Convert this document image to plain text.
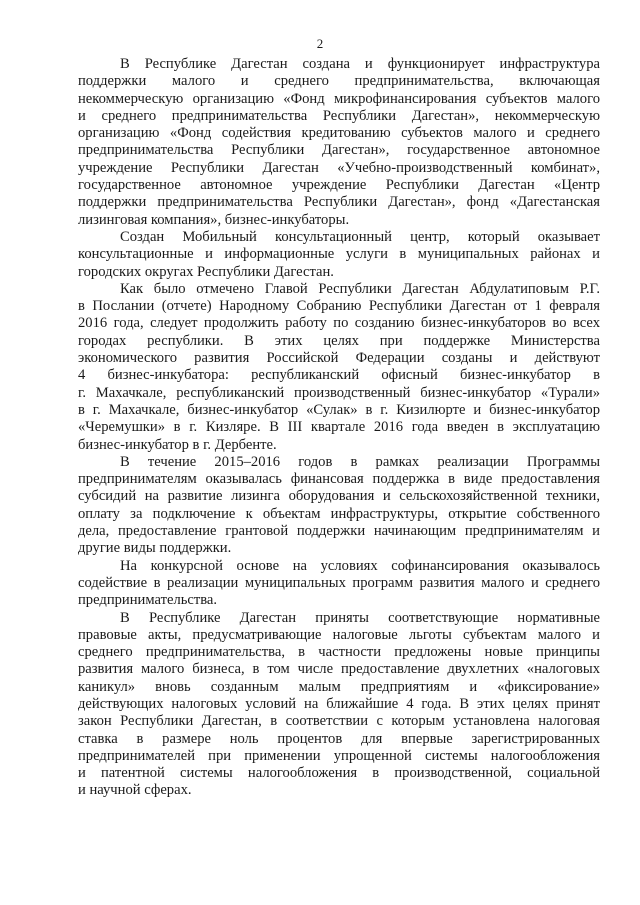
2
В Республике Дагестан создана и функционирует инфраструктура
поддержки малого и среднего предпринимательства, включающая
некоммерческую организацию «Фонд микрофинансирования субъектов малого
и среднего предпринимательства Республики Дагестан», некоммерческую
организацию «Фонд содействия кредитованию субъектов малого и среднего
предпринимательства Республики Дагестан», государственное автономное
учреждение Республики Дагестан «Учебно-производственный комбинат»,
государственное автономное учреждение Республики Дагестан «Центр
поддержки предпринимательства Республики Дагестан», фонд «Дагестанская
лизинговая компания», бизнес-инкубаторы.
Создан Мобильный консультационный центр, который оказывает
консультационные и информационные услуги в муниципальных районах и
городских округах Республики Дагестан.
Как было отмечено Главой Республики Дагестан Абдулатиповым Р.Г.
в Послании (отчете) Народному Собранию Республики Дагестан от 1 февраля
2016 года, следует продолжить работу по созданию бизнес-инкубаторов во всех
городах республики. В этих целях при поддержке Министерства
экономического развития Российской Федерации созданы и действуют
4 бизнес-инкубатора: республиканский офисный бизнес-инкубатор в
г. Махачкале, республиканский производственный бизнес-инкубатор «Турали»
в г. Махачкале, бизнес-инкубатор «Сулак» в г. Кизилюрте и бизнес-инкубатор
«Черемушки» в г. Кизляре. В III квартале 2016 года введен в эксплуатацию
бизнес-инкубатор в г. Дербенте.
В течение 2015–2016 годов в рамках реализации Программы
предпринимателям оказывалась финансовая поддержка в виде предоставления
субсидий на развитие лизинга оборудования и сельскохозяйственной техники,
оплату за подключение к объектам инфраструктуры, открытие собственного
дела, предоставление грантовой поддержки начинающим предпринимателям и
другие виды поддержки.
На конкурсной основе на условиях софинансирования оказывалось
содействие в реализации муниципальных программ развития малого и среднего
предпринимательства.
В Республике Дагестан приняты соответствующие нормативные
правовые акты, предусматривающие налоговые льготы субъектам малого и
среднего предпринимательства, в частности предложены новые принципы
развития малого бизнеса, в том числе предоставление двухлетних «налоговых
каникул» вновь созданным малым предприятиям и «фиксирование»
действующих налоговых условий на ближайшие 4 года. В этих целях принят
закон Республики Дагестан, в соответствии с которым установлена налоговая
ставка в размере ноль процентов для впервые зарегистрированных
предпринимателей при применении упрощенной системы налогообложения
и патентной системы налогообложения в производственной, социальной
и научной сферах.
